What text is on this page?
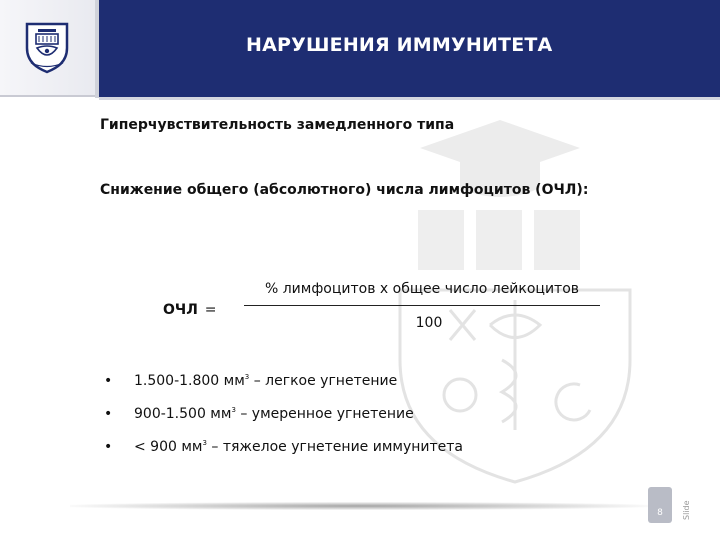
НАРУШЕНИЯ ИММУНИТЕТА
Гиперчувствительность замедленного типа
Снижение общего (абсолютного) числа лимфоцитов (ОЧЛ):
ОЧЛ =
% лимфоцитов х общее число лейкоцитов
100
• 1.500-1.800 $мм^3$ – легкое угнетение
• 900-1.500 $мм^3$ – умеренное угнетение
• < 900 $мм^3$ – тяжелое угнетение иммунитета
8	Slide
